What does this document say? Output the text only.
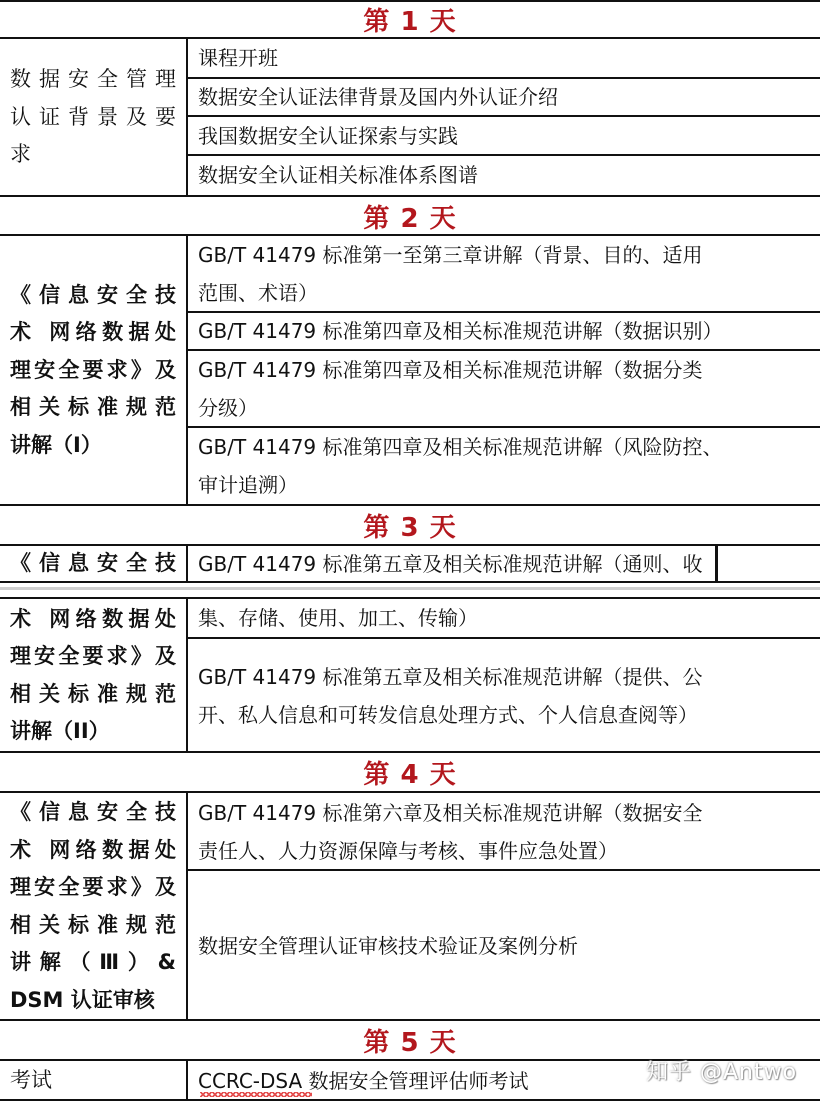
第 1 天
数 据 安 全 管 理
认 证 背 景 及 要
求
课程开班
数据安全认证法律背景及国内外认证介绍
我国数据安全认证探索与实践
数据安全认证相关标准体系图谱
第 2 天
《信息安全技
术 网络数据处
理安全要求》及
相关标准规范
讲解（I）
GB/T 41479 标准第一至第三章讲解（背景、目的、适用
范围、术语）
GB/T 41479 标准第四章及相关标准规范讲解（数据识别）
GB/T 41479 标准第四章及相关标准规范讲解（数据分类
分级）
GB/T 41479 标准第四章及相关标准规范讲解（风险防控、
审计追溯）
第 3 天
《信息安全技 GB/T 41479 标准第五章及相关标准规范讲解（通则、收
术 网络数据处
理安全要求》及
相关标准规范
讲解（II）
集、存储、使用、加工、传输）
GB/T 41479 标准第五章及相关标准规范讲解（提供、公
开、私人信息和可转发信息处理方式、个人信息查阅等）
第 4 天
《信息安全技
术 网络数据处
理安全要求》及
相关标准规范
讲 解 （ Ⅲ ） &
DSM 认证审核
GB/T 41479 标准第六章及相关标准规范讲解（数据安全
责任人、人力资源保障与考核、事件应急处置）
数据安全管理认证审核技术验证及案例分析
第 5 天
考试	CCRC-DSA 数据安全管理评估师考试	知乎 @Antwo
